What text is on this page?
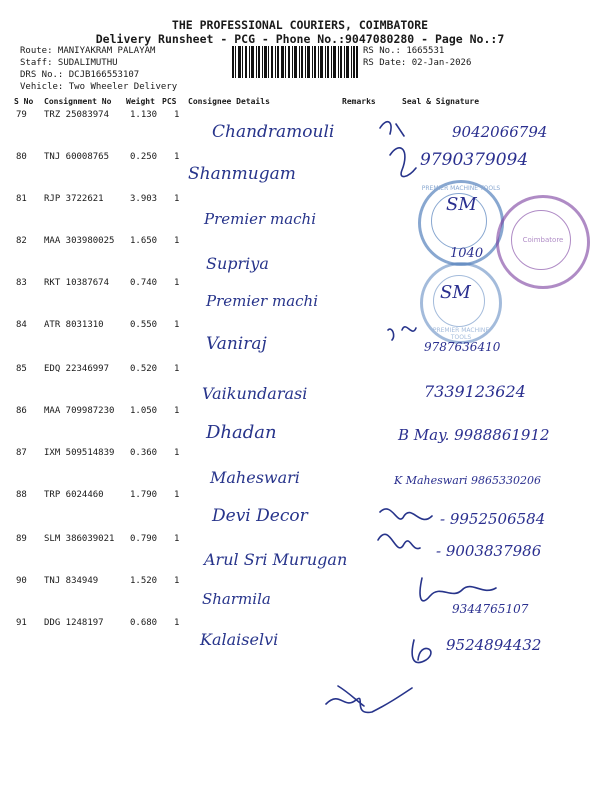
THE PROFESSIONAL COURIERS, COIMBATORE
Delivery Runsheet - PCG - Phone No.:9047080280 - Page No.:7
Route: MANIYAKRAM PALAYAM
Staff: SUDALIMUTHU
DRS No.: DCJB166553107
Vehicle: Two Wheeler Delivery
RS No.: 1665531
RS Date: 02-Jan-2026
S No Consignment No Weight PCS Consignee Details	Remarks	Seal & Signature
PREMIER MACHINE TOOLS
Coimbatore
PREMIER MACHINE TOOLS
79 TRZ 25083974 1.130 1
Chandramouli	9042066794
80 TNJ 60008765 0.250 1
Shanmugam
9790379094
81 RJP 3722621	3.903 1
Premier machi
SM
82 MAA 303980025 1.650 1
Supriya
1040
83 RKT 10387674 0.740 1
Premier machi	SM
84 ATR 8031310	0.550 1
Vaniraj	9787636410
85 EDQ 22346997 0.520 1
Vaikundarasi	7339123624
86 MAA 709987230 1.050 1
Dhadan	B May. 9988861912
87 IXM 509514839 0.360 1
Maheswari	K Maheswari 9865330206
88 TRP 6024460	1.790 1
Devi Decor	- 9952506584
89 SLM 386039021 0.790 1
Arul Sri Murugan	- 9003837986
90 TNJ 834949	1.520 1
Sharmila
9344765107
91 DDG 1248197	0.680 1
Kalaiselvi	9524894432
